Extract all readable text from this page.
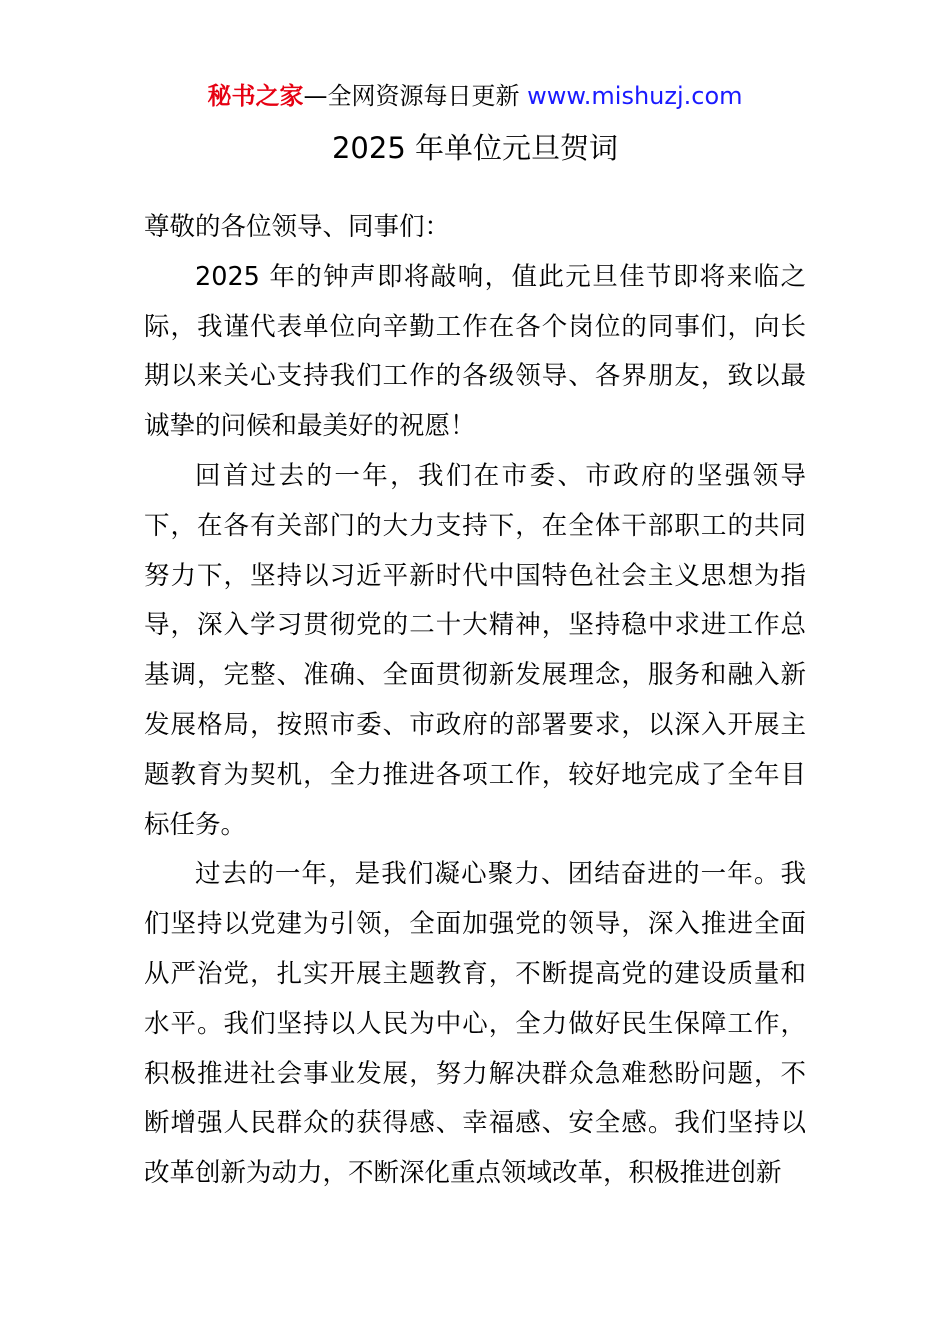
秘书之家—全网资源每日更新 www.mishuzj.com
2025 年单位元旦贺词

尊敬的各位领导、同事们：

2025 年的钟声即将敲响，值此元旦佳节即将来临之际，我谨代表单位向辛勤工作在各个岗位的同事们，向长期以来关心支持我们工作的各级领导、各界朋友，致以最诚挚的问候和最美好的祝愿！

回首过去的一年，我们在市委、市政府的坚强领导下，在各有关部门的大力支持下，在全体干部职工的共同努力下，坚持以习近平新时代中国特色社会主义思想为指导，深入学习贯彻党的二十大精神，坚持稳中求进工作总基调，完整、准确、全面贯彻新发展理念，服务和融入新发展格局，按照市委、市政府的部署要求，以深入开展主题教育为契机，全力推进各项工作，较好地完成了全年目标任务。

过去的一年，是我们凝心聚力、团结奋进的一年。我们坚持以党建为引领，全面加强党的领导，深入推进全面从严治党，扎实开展主题教育，不断提高党的建设质量和水平。我们坚持以人民为中心，全力做好民生保障工作，积极推进社会事业发展，努力解决群众急难愁盼问题，不断增强人民群众的获得感、幸福感、安全感。我们坚持以改革创新为动力，不断深化重点领域改革，积极推进创新
